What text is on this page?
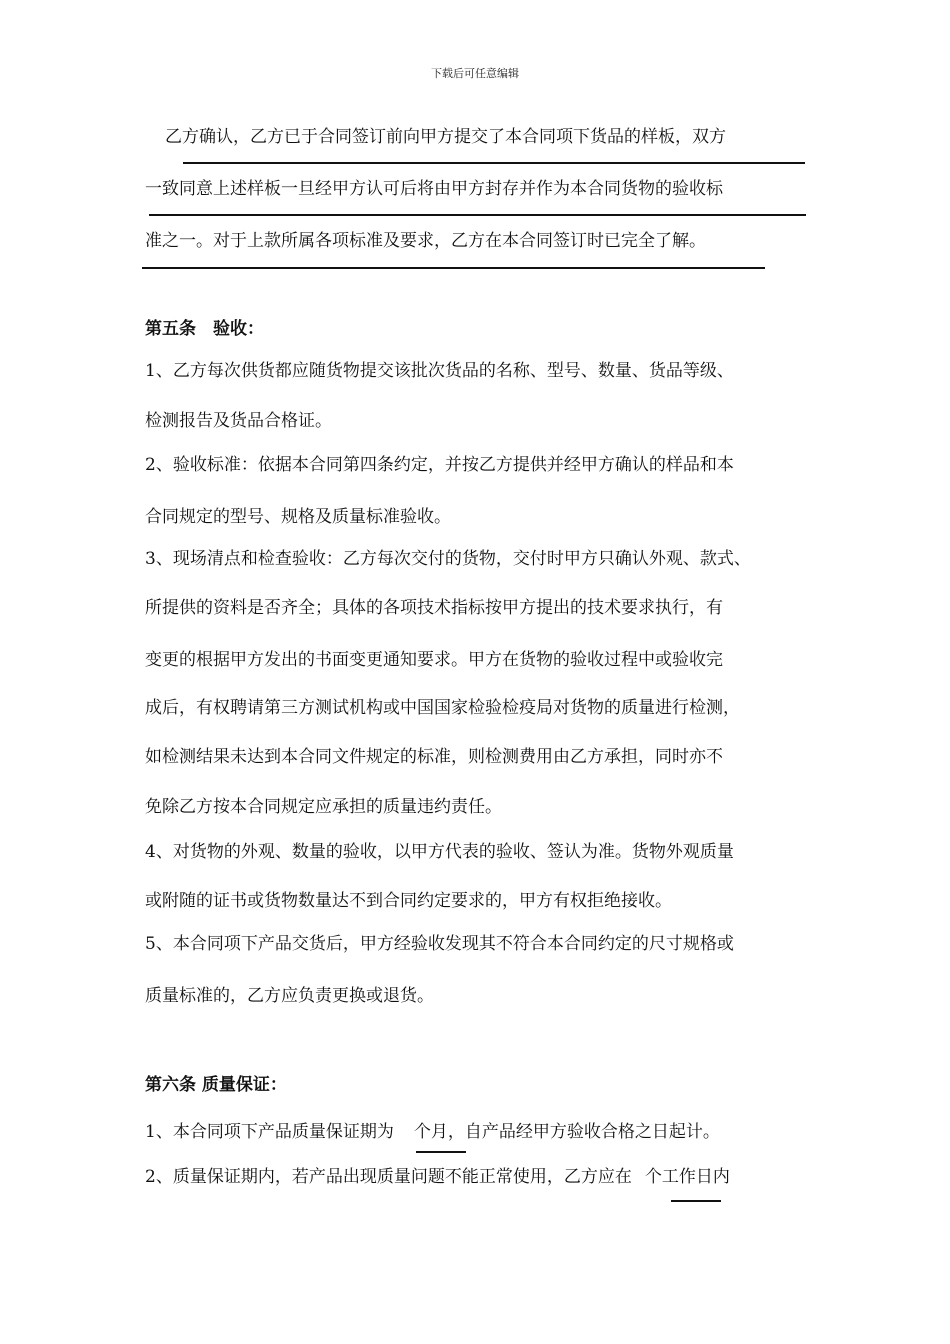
下载后可任意编辑
乙方确认，乙方已于合同签订前向甲方提交了本合同项下货品的样板，双方
一致同意上述样板一旦经甲方认可后将由甲方封存并作为本合同货物的验收标
准之一。对于上款所属各项标准及要求，乙方在本合同签订时已完全了解。
第五条　验收：
1、乙方每次供货都应随货物提交该批次货品的名称、型号、数量、货品等级、
检测报告及货品合格证。
2、验收标准：依据本合同第四条约定，并按乙方提供并经甲方确认的样品和本
合同规定的型号、规格及质量标准验收。
3、现场清点和检查验收：乙方每次交付的货物，交付时甲方只确认外观、款式、
所提供的资料是否齐全；具体的各项技术指标按甲方提出的技术要求执行，有
变更的根据甲方发出的书面变更通知要求。甲方在货物的验收过程中或验收完
成后，有权聘请第三方测试机构或中国国家检验检疫局对货物的质量进行检测，
如检测结果未达到本合同文件规定的标准，则检测费用由乙方承担，同时亦不
免除乙方按本合同规定应承担的质量违约责任。
4、对货物的外观、数量的验收，以甲方代表的验收、签认为准。货物外观质量
或附随的证书或货物数量达不到合同约定要求的，甲方有权拒绝接收。
5、本合同项下产品交货后，甲方经验收发现其不符合本合同约定的尺寸规格或
质量标准的，乙方应负责更换或退货。
第六条 质量保证：
1、本合同项下产品质量保证期为 个月，自产品经甲方验收合格之日起计。
2、质量保证期内，若产品出现质量问题不能正常使用，乙方应在 个工作日内
